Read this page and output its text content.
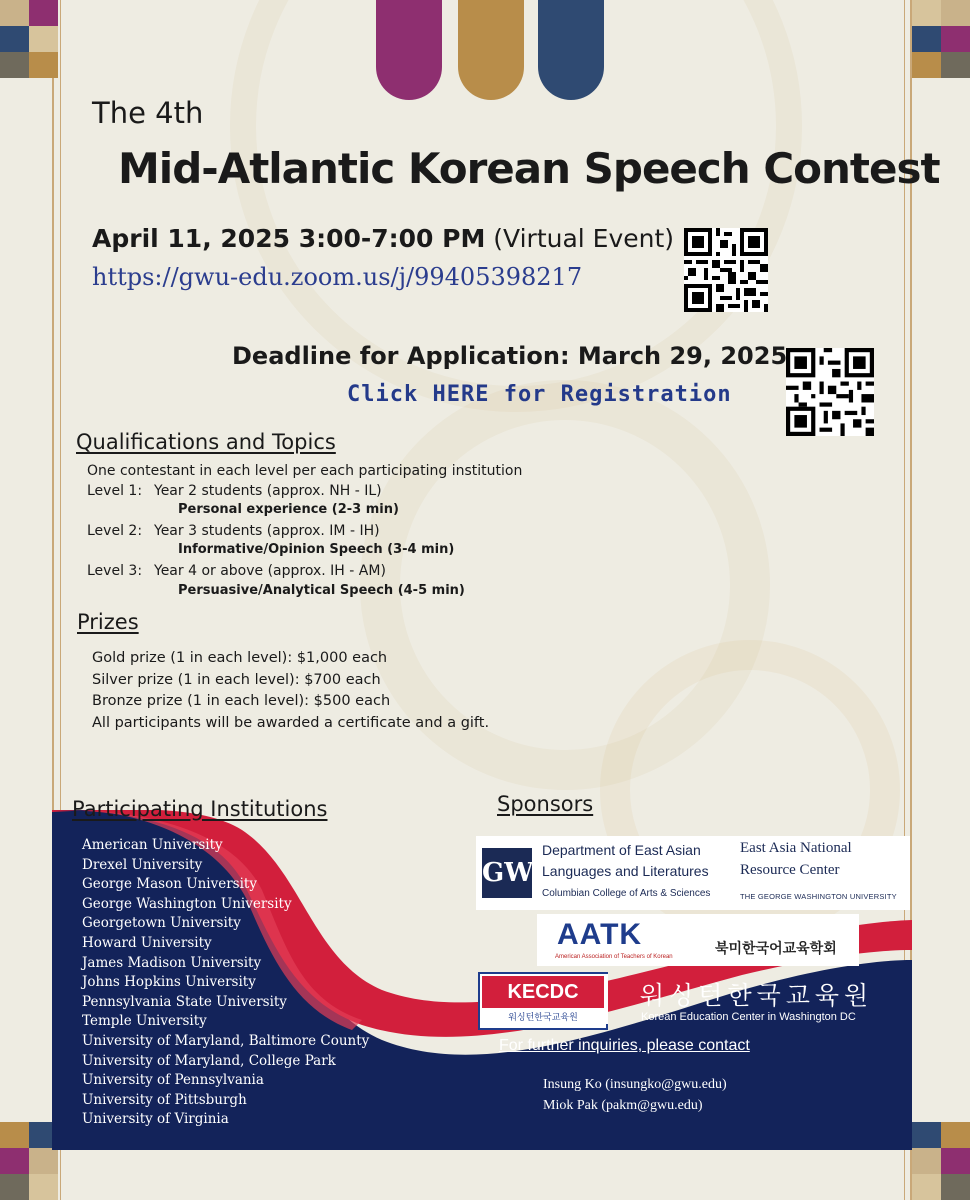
The 4th
Mid-Atlantic Korean Speech Contest
April 11, 2025 3:00-7:00 PM (Virtual Event)
https://gwu-edu.zoom.us/j/99405398217
Deadline for Application: March 29, 2025
Click HERE for Registration
Qualifications and Topics
One contestant in each level per each participating institution
Level 1: Year 2 students (approx. NH - IL)
Personal experience (2-3 min)
Level 2: Year 3 students (approx. IM - IH)
Informative/Opinion Speech (3-4 min)
Level 3: Year 4 or above (approx. IH - AM)
Persuasive/Analytical Speech (4-5 min)
Prizes
Gold prize (1 in each level): $1,000 each
Silver prize (1 in each level): $700 each
Bronze prize (1 in each level): $500 each
All participants will be awarded a certificate and a gift.
Participating Institutions
American University
Drexel University
George Mason University
George Washington University
Georgetown University
Howard University
James Madison University
Johns Hopkins University
Pennsylvania State University
Temple University
University of Maryland, Baltimore County
University of Maryland, College Park
University of Pennsylvania
University of Pittsburgh
University of Virginia
Sponsors
GW
Department of East Asian
Languages and Literatures
Columbian College of Arts & Sciences
East Asia National
Resource Center
THE GEORGE WASHINGTON UNIVERSITY
AATK
American Association of Teachers of Korean	북미한국어교육학회
KECDC
워싱턴한국교육원
워싱턴한국교육원
Korean Education Center in Washington DC
For further inquiries, please contact
Insung Ko (insungko@gwu.edu)
Miok Pak (pakm@gwu.edu)
